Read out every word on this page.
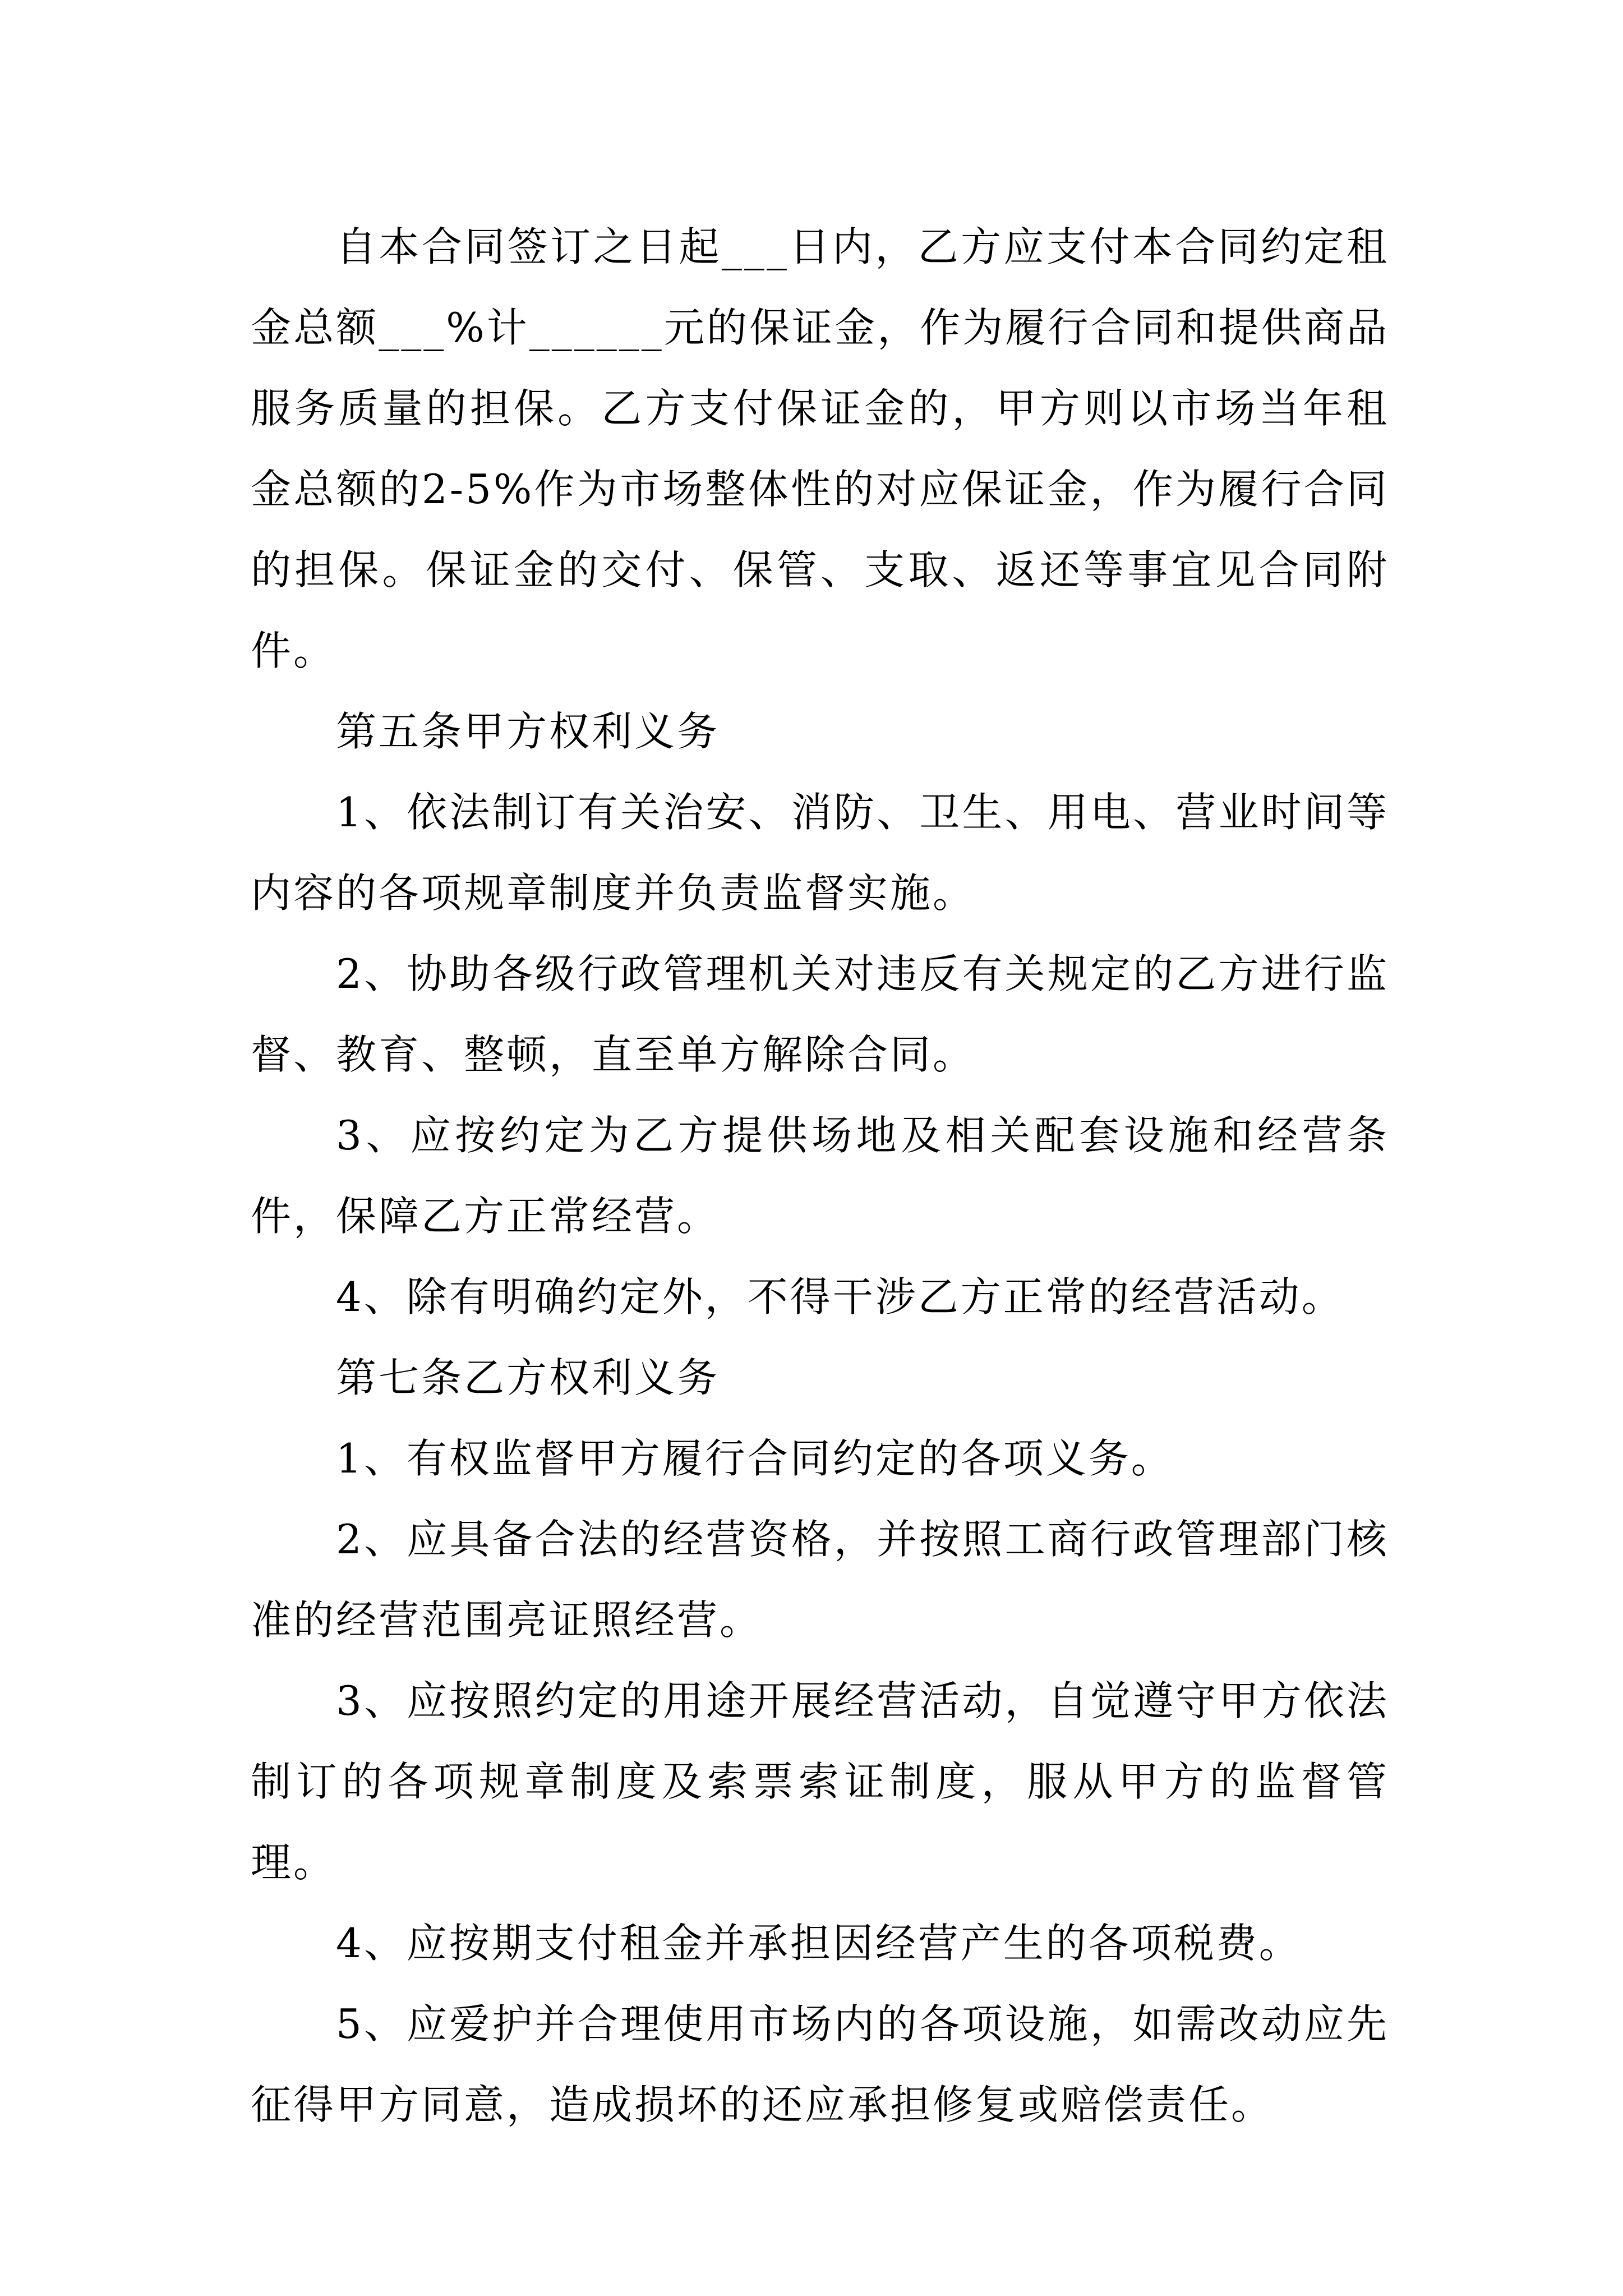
自本合同签订之日起___日内，乙方应支付本合同约定租金总额___%计______元的保证金，作为履行合同和提供商品服务质量的担保。乙方支付保证金的，甲方则以市场当年租金总额的2-5%作为市场整体性的对应保证金，作为履行合同的担保。保证金的交付、保管、支取、返还等事宜见合同附件。

第五条甲方权利义务

1、依法制订有关治安、消防、卫生、用电、营业时间等内容的各项规章制度并负责监督实施。

2、协助各级行政管理机关对违反有关规定的乙方进行监督、教育、整顿，直至单方解除合同。

3、应按约定为乙方提供场地及相关配套设施和经营条件，保障乙方正常经营。

4、除有明确约定外，不得干涉乙方正常的经营活动。

第七条乙方权利义务

1、有权监督甲方履行合同约定的各项义务。

2、应具备合法的经营资格，并按照工商行政管理部门核准的经营范围亮证照经营。

3、应按照约定的用途开展经营活动，自觉遵守甲方依法制订的各项规章制度及索票索证制度，服从甲方的监督管理。

4、应按期支付租金并承担因经营产生的各项税费。

5、应爱护并合理使用市场内的各项设施，如需改动应先征得甲方同意，造成损坏的还应承担修复或赔偿责任。
